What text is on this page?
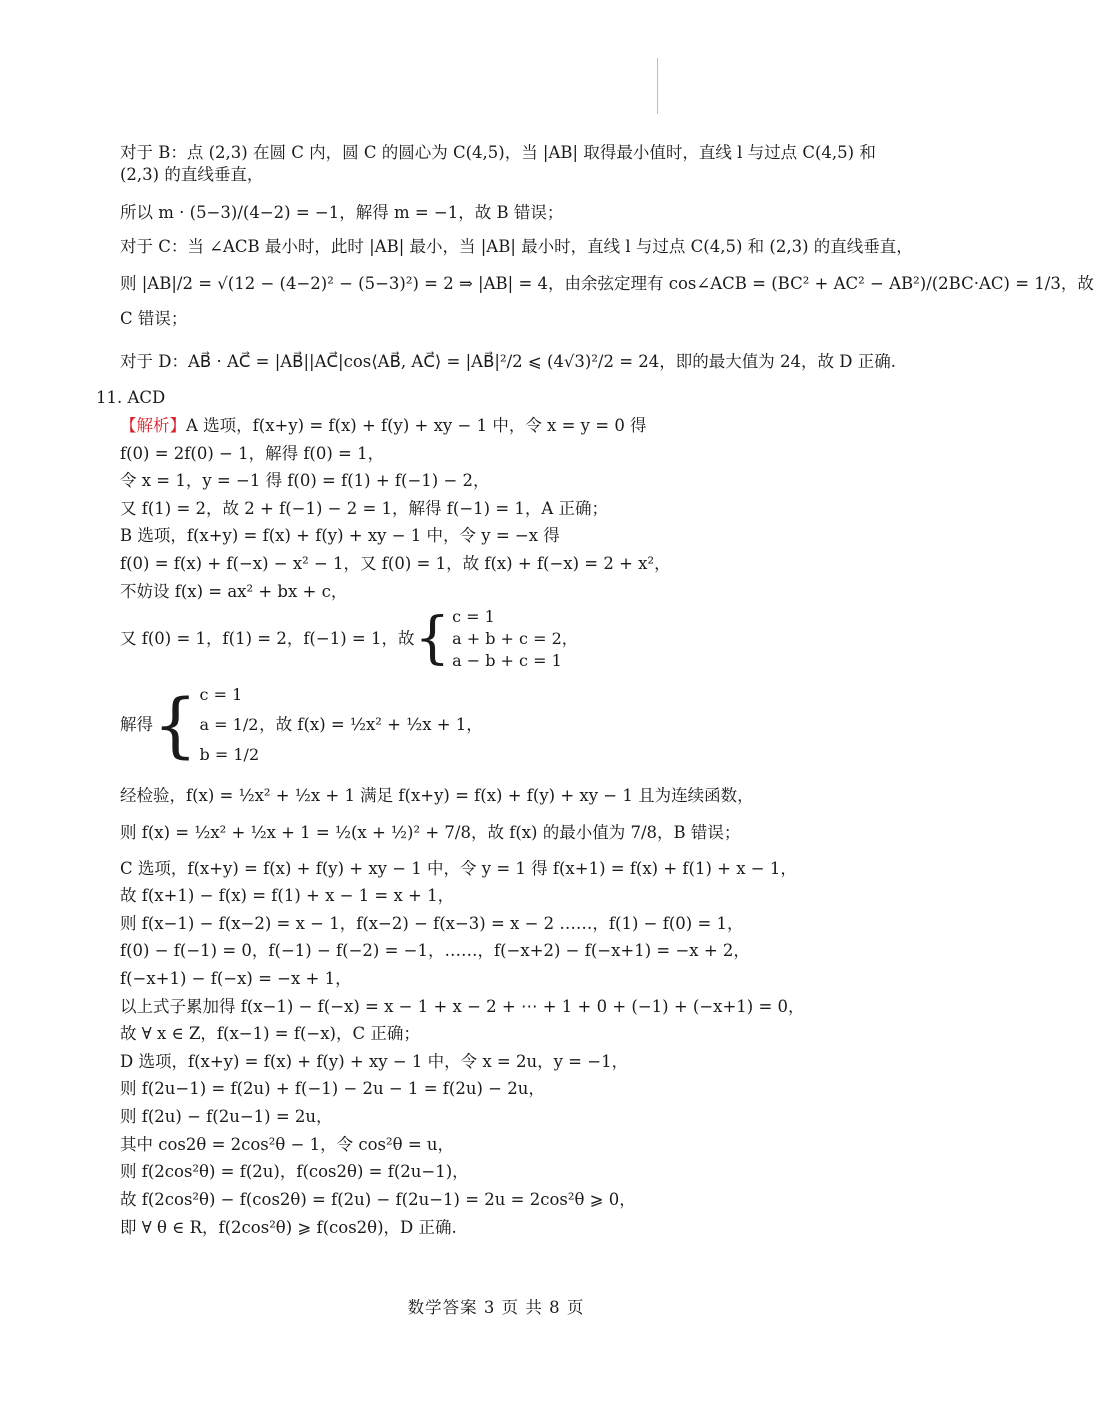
对于 B：点 (2,3) 在圆 C 内，圆 C 的圆心为 C(4,5)，当 |AB| 取得最小值时，直线 l 与过点 C(4,5) 和 (2,3) 的直线垂直，
所以 m · (5−3)/(4−2) = −1，解得 m = −1，故 B 错误；
对于 C：当 ∠ACB 最小时，此时 |AB| 最小，当 |AB| 最小时，直线 l 与过点 C(4,5) 和 (2,3) 的直线垂直，
则 |AB|/2 = √(12 − (4−2)² − (5−3)²) = 2 ⇒ |AB| = 4，由余弦定理有 cos∠ACB = (BC² + AC² − AB²)/(2BC·AC) = 1/3，故
C 错误；
对于 D：AB⃗ · AC⃗ = |AB⃗||AC⃗|cos⟨AB⃗, AC⃗⟩ = |AB⃗|²/2 ⩽ (4√3)²/2 = 24，即的最大值为 24，故 D 正确.
11. ACD
【解析】A 选项，f(x+y) = f(x) + f(y) + xy − 1 中，令 x = y = 0 得
f(0) = 2f(0) − 1，解得 f(0) = 1，
令 x = 1，y = −1 得 f(0) = f(1) + f(−1) − 2，
又 f(1) = 2，故 2 + f(−1) − 2 = 1，解得 f(−1) = 1，A 正确；
B 选项，f(x+y) = f(x) + f(y) + xy − 1 中，令 y = −x 得
f(0) = f(x) + f(−x) − x² − 1，又 f(0) = 1，故 f(x) + f(−x) = 2 + x²，
不妨设 f(x) = ax² + bx + c，
又 f(0) = 1，f(1) = 2，f(−1) = 1，故{ c = 1
a + b + c = 2，
a − b + c = 1
解得{ c = 1
a = 1/2
b = 1/2
，故 f(x) = ½x² + ½x + 1，
经检验，f(x) = ½x² + ½x + 1 满足 f(x+y) = f(x) + f(y) + xy − 1 且为连续函数，
则 f(x) = ½x² + ½x + 1 = ½(x + ½)² + 7/8，故 f(x) 的最小值为 7/8，B 错误；
C 选项，f(x+y) = f(x) + f(y) + xy − 1 中，令 y = 1 得 f(x+1) = f(x) + f(1) + x − 1，
故 f(x+1) − f(x) = f(1) + x − 1 = x + 1，
则 f(x−1) − f(x−2) = x − 1，f(x−2) − f(x−3) = x − 2 ……，f(1) − f(0) = 1，
f(0) − f(−1) = 0，f(−1) − f(−2) = −1，……，f(−x+2) − f(−x+1) = −x + 2，
f(−x+1) − f(−x) = −x + 1，
以上式子累加得 f(x−1) − f(−x) = x − 1 + x − 2 + ⋯ + 1 + 0 + (−1) + (−x+1) = 0，
故 ∀ x ∈ Z，f(x−1) = f(−x)，C 正确；
D 选项，f(x+y) = f(x) + f(y) + xy − 1 中，令 x = 2u，y = −1，
则 f(2u−1) = f(2u) + f(−1) − 2u − 1 = f(2u) − 2u，
则 f(2u) − f(2u−1) = 2u，
其中 cos2θ = 2cos²θ − 1，令 cos²θ = u，
则 f(2cos²θ) = f(2u)，f(cos2θ) = f(2u−1)，
故 f(2cos²θ) − f(cos2θ) = f(2u) − f(2u−1) = 2u = 2cos²θ ⩾ 0，
即 ∀ θ ∈ R，f(2cos²θ) ⩾ f(cos2θ)，D 正确.
数学答案 3 页 共 8 页
